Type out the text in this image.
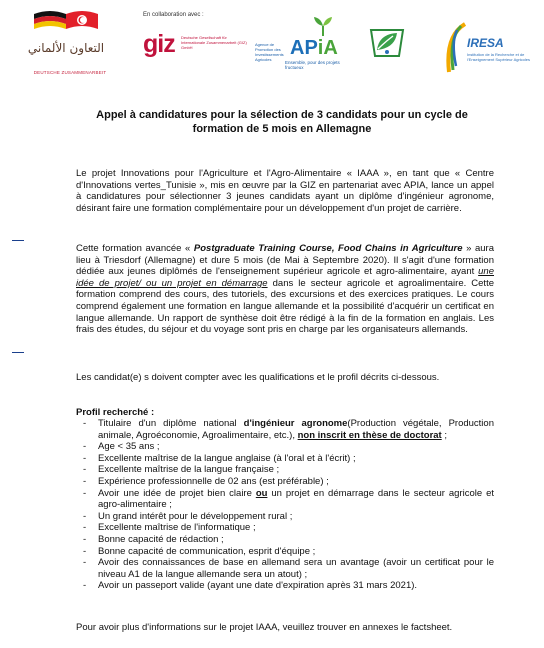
التعاون الألماني
DEUTSCHE ZUSAMMENARBEIT
En collaboration avec :
giz Deutsche Gesellschaft für Internationale Zusammenarbeit (GIZ) GmbH
Agence de Promotion des Investissements Agricoles
APiA
Ensemble, pour des projets fructueux
IRESA
Institution de la Recherche et de l'Enseignement Supérieur Agricoles
Appel à candidatures pour la sélection de 3 candidats pour un cycle de
formation de 5 mois en Allemagne

Le projet Innovations pour l'Agriculture et l'Agro-Alimentaire « IAAA », en tant que « Centre d'Innovations vertes_Tunisie », mis en œuvre par la GIZ en partenariat avec APIA, lance un appel à candidatures pour sélectionner 3 jeunes candidats ayant un diplôme d'ingénieur agronome, désirant faire une formation complémentaire pour un développement d'un projet de carrière.

Cette formation avancée « Postgraduate Training Course, Food Chains in Agriculture » aura lieu à Triesdorf (Allemagne) et dure 5 mois (de Mai à Septembre 2020). Il s'agit d'une formation dédiée aux jeunes diplômés de l'enseignement supérieur agricole et agro-alimentaire, ayant une idée de projet/ ou un projet en démarrage dans le secteur agricole et agroalimentaire. Cette formation comprend des cours, des tutoriels, des excursions et des exercices pratiques. Le cours comprend également une formation en langue allemande et la possibilité d'acquérir un certificat en langue allemande. Un rapport de synthèse doit être rédigé à la fin de la formation en anglais. Les frais des études, du séjour et du voyage sont pris en charge par les organisateurs allemands.

Les candidat(e) s doivent compter avec les qualifications et le profil décrits ci-dessous.

Profil recherché :
- Titulaire d'un diplôme national d'ingénieur agronome(Production végétale, Production animale, Agroéconomie, Agroalimentaire, etc.), non inscrit en thèse de doctorat ;
- Age < 35 ans ;
- Excellente maîtrise de la langue anglaise (à l'oral et à l'écrit) ;
- Excellente maîtrise de la langue française ;
- Expérience professionnelle de 02 ans (est préférable) ;
- Avoir une idée de projet bien claire ou un projet en démarrage dans le secteur agricole et agro-alimentaire ;
- Un grand intérêt pour le développement rural ;
- Excellente maîtrise de l'informatique ;
- Bonne capacité de rédaction ;
- Bonne capacité de communication, esprit d'équipe ;
- Avoir des connaissances de base en allemand sera un avantage (avoir un certificat pour le niveau A1 de la langue allemande sera un atout) ;
- Avoir un passeport valide (ayant une date d'expiration après 31 mars 2021).

Pour avoir plus d'informations sur le projet IAAA, veuillez trouver en annexes le factsheet.
